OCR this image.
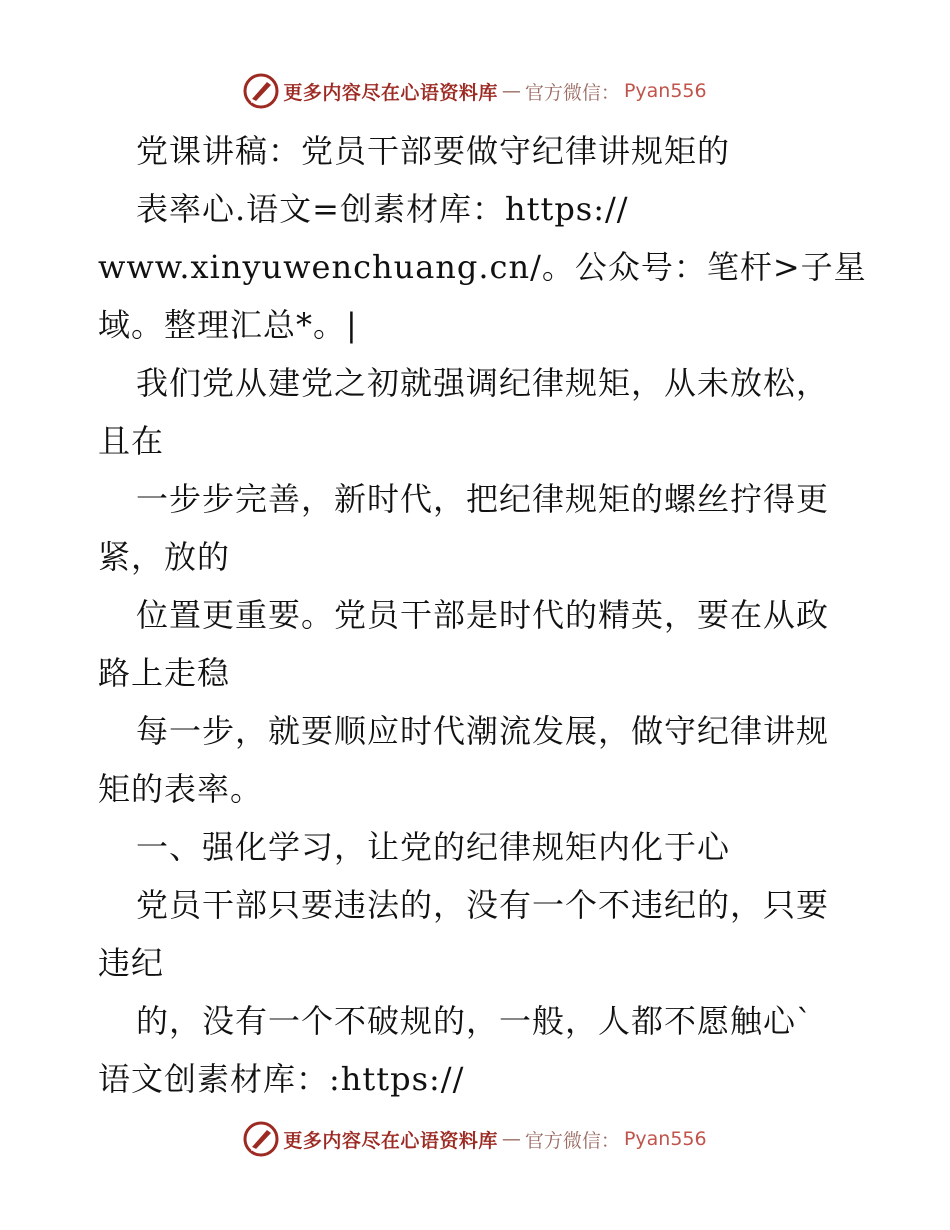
更多内容尽在心语资料库 — 官方微信： Pyan556
党课讲稿：党员干部要做守纪律讲规矩的
表率心.语文=创素材库：https://
www.xinyuwenchuang.cn/。公众号：笔杆>子星
域。整理汇总*。|
我们党从建党之初就强调纪律规矩，从未放松，
且在
一步步完善，新时代，把纪律规矩的螺丝拧得更
紧，放的
位置更重要。党员干部是时代的精英，要在从政
路上走稳
每一步，就要顺应时代潮流发展，做守纪律讲规
矩的表率。
一、强化学习，让党的纪律规矩内化于心
党员干部只要违法的，没有一个不违纪的，只要
违纪
的，没有一个不破规的，一般，人都不愿触心`
语文创素材库：:https://
更多内容尽在心语资料库 — 官方微信： Pyan556
